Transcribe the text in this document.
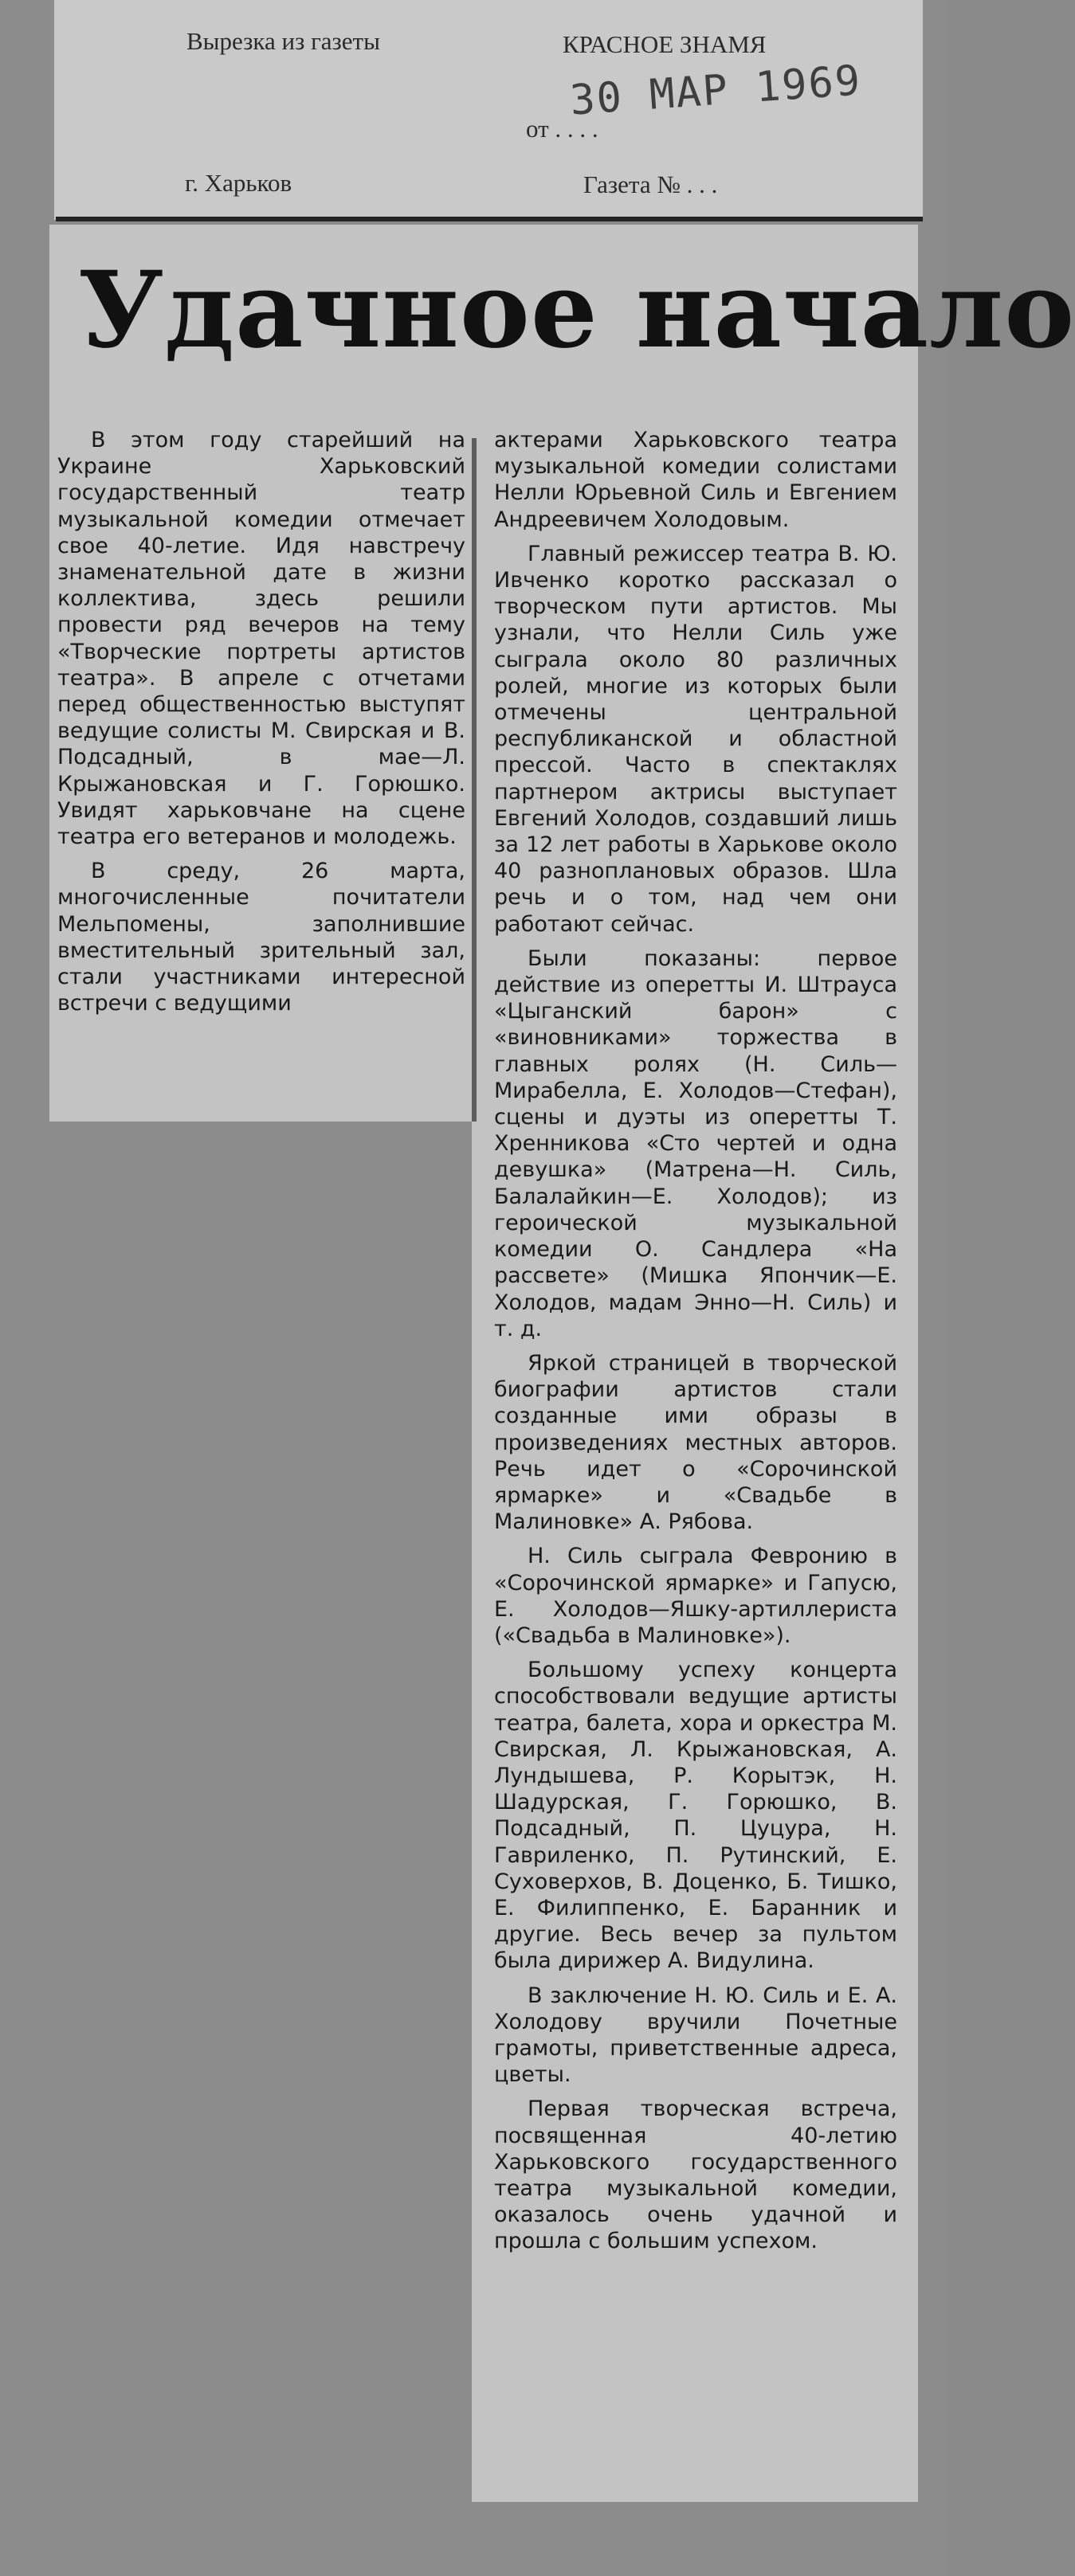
Вырезка из газеты	КРАСНОЕ ЗНАМЯ
от . . . .
30 МАР 1969
г. Харьков	Газета № . . .
Удачное начало

В этом году старейший на Украине Харьковский государственный театр музыкальной комедии отмечает свое 40-летие. Идя навстречу знаменательной дате в жизни коллектива, здесь решили провести ряд вечеров на тему «Творческие портреты артистов театра». В апреле с отчетами перед общественностью выступят ведущие солисты М. Свирская и В. Подсадный, в мае—Л. Крыжановская и Г. Горюшко. Увидят харьковчане на сцене театра его ветеранов и молодежь.

В среду, 26 марта, многочисленные почитатели Мельпомены, заполнившие вместительный зрительный зал, стали участниками интересной встречи с ведущими

актерами Харьковского театра музыкальной комедии солистами Нелли Юрьевной Силь и Евгением Андреевичем Холодовым.

Главный режиссер театра В. Ю. Ивченко коротко рассказал о творческом пути артистов. Мы узнали, что Нелли Силь уже сыграла около 80 различных ролей, многие из которых были отмечены центральной республиканской и областной прессой. Часто в спектаклях партнером актрисы выступает Евгений Холодов, создавший лишь за 12 лет работы в Харькове около 40 разноплановых образов. Шла речь и о том, над чем они работают сейчас.

Были показаны: первое действие из оперетты И. Штрауса «Цыганский барон» с «виновниками» торжества в главных ролях (Н. Силь—Мирабелла, Е. Холодов—Стефан), сцены и дуэты из оперетты Т. Хренникова «Сто чертей и одна девушка» (Матрена—Н. Силь, Балалайкин—Е. Холодов); из героической музыкальной комедии О. Сандлера «На рассвете» (Мишка Япончик—Е. Холодов, мадам Энно—Н. Силь) и т. д.

Яркой страницей в творческой биографии артистов стали созданные ими образы в произведениях местных авторов. Речь идет о «Сорочинской ярмарке» и «Свадьбе в Малиновке» А. Рябова.

Н. Силь сыграла Февронию в «Сорочинской ярмарке» и Гапусю, Е. Холодов—Яшку-артиллериста («Свадьба в Малиновке»).

Большому успеху концерта способствовали ведущие артисты театра, балета, хора и оркестра М. Свирская, Л. Крыжановская, А. Лундышева, Р. Корытэк, Н. Шадурская, Г. Горюшко, В. Подсадный, П. Цуцура, Н. Гавриленко, П. Рутинский, Е. Суховерхов, В. Доценко, Б. Тишко, Е. Филиппенко, Е. Баранник и другие. Весь вечер за пультом была дирижер А. Видулина.

В заключение Н. Ю. Силь и Е. А. Холодову вручили Почетные грамоты, приветственные адреса, цветы.

Первая творческая встреча, посвященная 40-летию Харьковского государственного театра музыкальной комедии, оказалось очень удачной и прошла с большим успехом.
